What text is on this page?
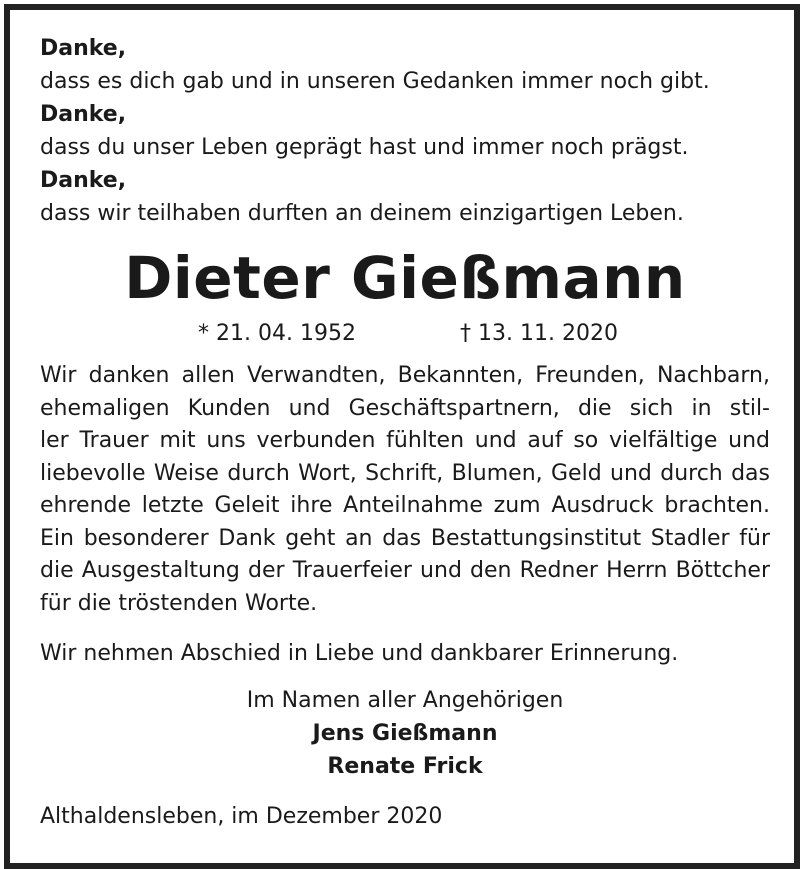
Danke,

dass es dich gab und in unseren Gedanken immer noch gibt.

Danke,

dass du unser Leben geprägt hast und immer noch prägst.

Danke,

dass wir teilhaben durften an deinem einzigartigen Leben.

Dieter Gießmann
* 21. 04. 1952	† 13. 11. 2020
Wir danken allen Verwandten, Bekannten, Freunden, Nachbarn,
ehemaligen Kunden und Geschäftspartnern, die sich in stil-
ler Trauer mit uns verbunden fühlten und auf so vielfältige und
liebevolle Weise durch Wort, Schrift, Blumen, Geld und durch das
ehrende letzte Geleit ihre Anteilnahme zum Ausdruck brachten.
Ein besonderer Dank geht an das Bestattungsinstitut Stadler für
die Ausgestaltung der Trauerfeier und den Redner Herrn Böttcher
für die tröstenden Worte.

Wir nehmen Abschied in Liebe und dankbarer Erinnerung.

Im Namen aller Angehörigen
Jens Gießmann
Renate Frick
Althaldensleben, im Dezember 2020
